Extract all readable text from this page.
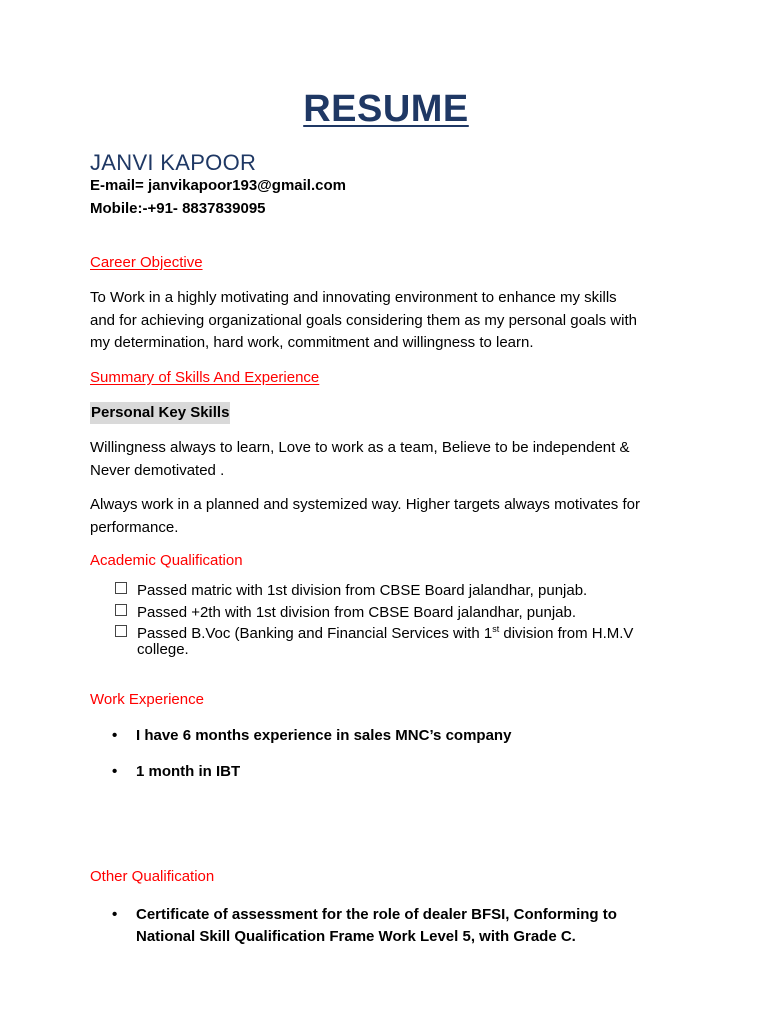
RESUME
JANVI KAPOOR
E-mail= janvikapoor193@gmail.com
Mobile:-+91- 8837839095
Career Objective
To Work in a highly motivating and innovating environment to enhance my skills
and for achieving organizational goals considering them as my personal goals with
my determination, hard work, commitment and willingness to learn.
Summary of Skills And Experience
Personal Key Skills
Willingness always to learn, Love to work as a team, Believe to be independent &
Never demotivated .
Always work in a planned and systemized way. Higher targets always motivates for
performance.
Academic Qualification
Passed matric with 1st division from CBSE Board jalandhar, punjab.
Passed +2th with 1st division from CBSE Board jalandhar, punjab.
Passed B.Voc (Banking and Financial Services with 1st division from H.M.V
college.
Work Experience
• I have 6 months experience in sales MNC’s company
• 1 month in IBT
Other Qualification
• Certificate of assessment for the role of dealer BFSI, Conforming to
National Skill Qualification Frame Work Level 5, with Grade C.
